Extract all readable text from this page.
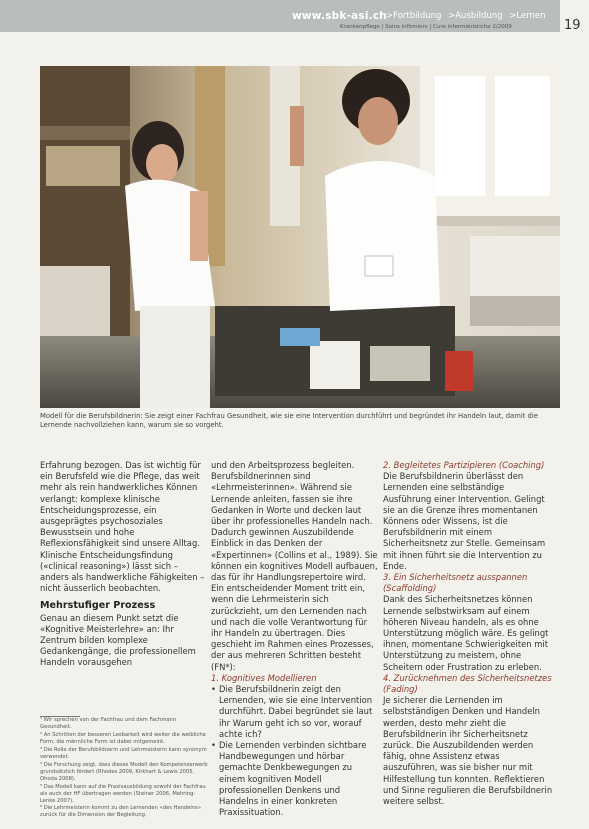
www.sbk-asi.ch >Fortbildung >Ausbildung >Lernen
Krankenpflege | Soins infirmiers | Cure infermieristiche 2/2009	19
Modell für die Berufsbildnerin: Sie zeigt einer Fachfrau Gesundheit, wie sie eine Intervention durchführt und begründet ihr Handeln laut, damit die Lernende nachvollziehen kann, warum sie so vorgeht.

Erfahrung bezogen. Das ist wichtig für ein Berufsfeld wie die Pflege, das weit mehr als rein handwerkliches Können verlangt: komplexe klinische Entscheidungsprozesse, ein ausgeprägtes psychosoziales Bewusstsein und hohe Reflexionsfähigkeit sind unsere Alltag. Klinische Entscheidungsfindung («clinical reasoning») lässt sich – anders als handwerkliche Fähigkeiten – nicht äusserlich beobachten.

Mehrstufiger Prozess

Genau an diesem Punkt setzt die «Kognitive Meisterlehre» an: Ihr Zentrum bilden komplexe Gedankengänge, die professionellem Handeln vorausgehen

und den Arbeitsprozess begleiten. Berufsbildnerinnen sind «Lehrmeisterinnen». Während sie Lernende anleiten, fassen sie ihre Gedanken in Worte und decken laut über ihr professionelles Handeln nach. Dadurch gewinnen Auszubildende Einblick in das Denken der «Expertinnen» (Collins et al., 1989). Sie können ein kognitives Modell aufbauen, das für ihr Handlungsrepertoire wird. Ein entscheidender Moment tritt ein, wenn die Lehrmeisterin sich zurückzieht, um den Lernenden nach und nach die volle Verantwortung für ihr Handeln zu übertragen. Dies geschieht im Rahmen eines Prozesses, der aus mehreren Schritten besteht (FN*):

1. Kognitives Modellieren

• Die Berufsbildnerin zeigt den Lernenden, wie sie eine Intervention durchführt. Dabei begründet sie laut ihr Warum geht ich so vor, worauf achte ich?

• Die Lernenden verbinden sichtbare Handbewegungen und hörbar gemachte Denkbewegungen zu einem kognitiven Modell professionellen Denkens und Handelns in einer konkreten Praxissituation.

2. Begleitetes Partizipieren (Coaching)

Die Berufsbildnerin überlässt den Lernenden eine selbständige Ausführung einer Intervention. Gelingt sie an die Grenze ihres momentanen Könnens oder Wissens, ist die Berufsbildnerin mit einem Sicherheitsnetz zur Stelle. Gemeinsam mit ihnen führt sie die Intervention zu Ende.

3. Ein Sicherheitsnetz ausspannen (Scaffolding)

Dank des Sicherheitsnetzes können Lernende selbstwirksam auf einem höheren Niveau handeln, als es ohne Unterstützung möglich wäre. Es gelingt ihnen, momentane Schwierigkeiten mit Unterstützung zu meistern, ohne Scheitern oder Frustration zu erleben.

4. Zurücknehmen des Sicherheitsnetzes (Fading)

Je sicherer die Lernenden im selbstständigen Denken und Handeln werden, desto mehr zieht die Berufsbildnerin ihr Sicherheitsnetz zurück. Die Auszubildenden werden fähig, ohne Assistenz etwas auszuführen, was sie bisher nur mit Hilfestellung tun konnten. Reflektieren und Sinne regulieren die Berufsbildnerin weitere selbst.

¹ Wir sprechen von der Fachfrau und dem Fachmann Gesundheit.
² An Schritten der besseren Lesbarkeit wird weiter die weibliche Form, die männliche Form ist dabei mitgemeint.
³ Die Rolle der Berufsbildnerin und Lehrmeisterin kann synonym verwendet.
⁴ Die Forschung zeigt, dass dieses Modell den Kompetenzerwerb grundsätzlich fördert (Rhodes 2009, Kirkhart & Lewis 2005, Ohoda 2008).
⁵ Das Modell kann auf die Praxisausbildung sowohl der Fachfrau als auch der HF übertragen werden (Steiner 2006, Mehring-Lenke 2007).
⁶ Die Lehrmeisterin kommt zu den Lernenden «des Handelns» zurück für die Dimension der Begleitung.
